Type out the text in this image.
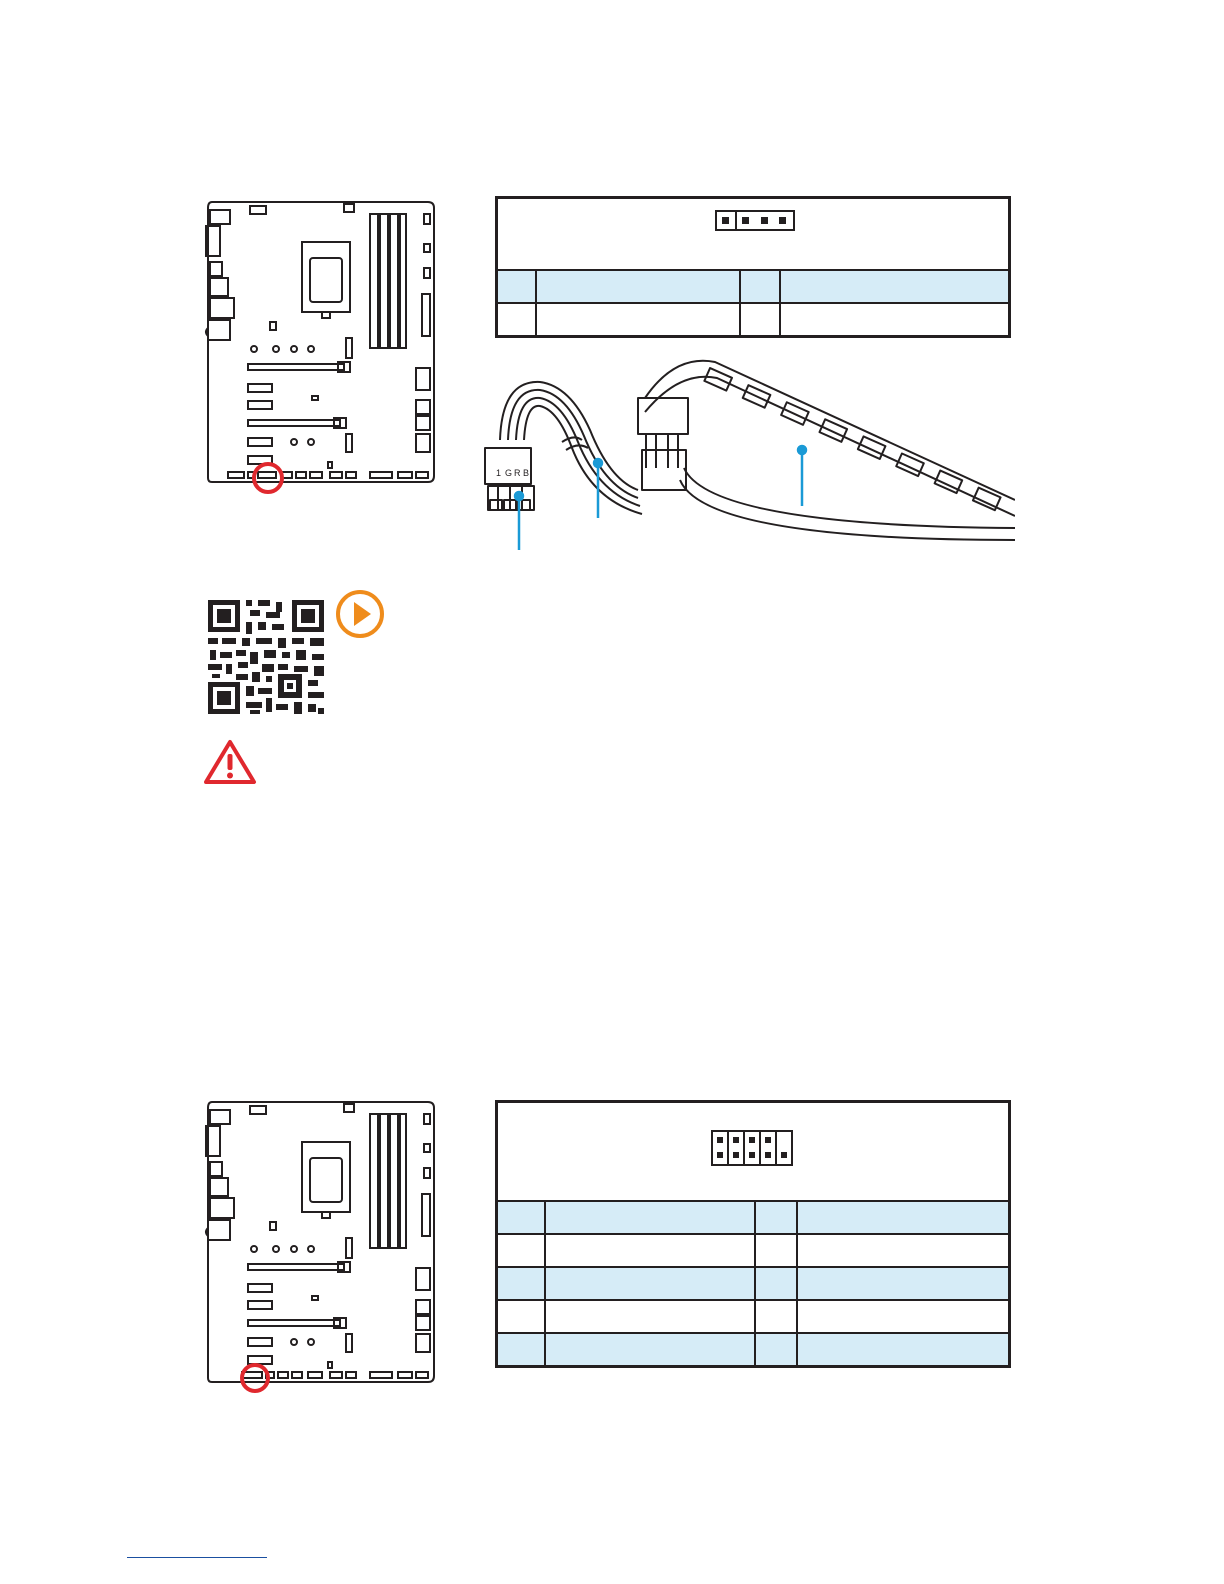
1 G R B
